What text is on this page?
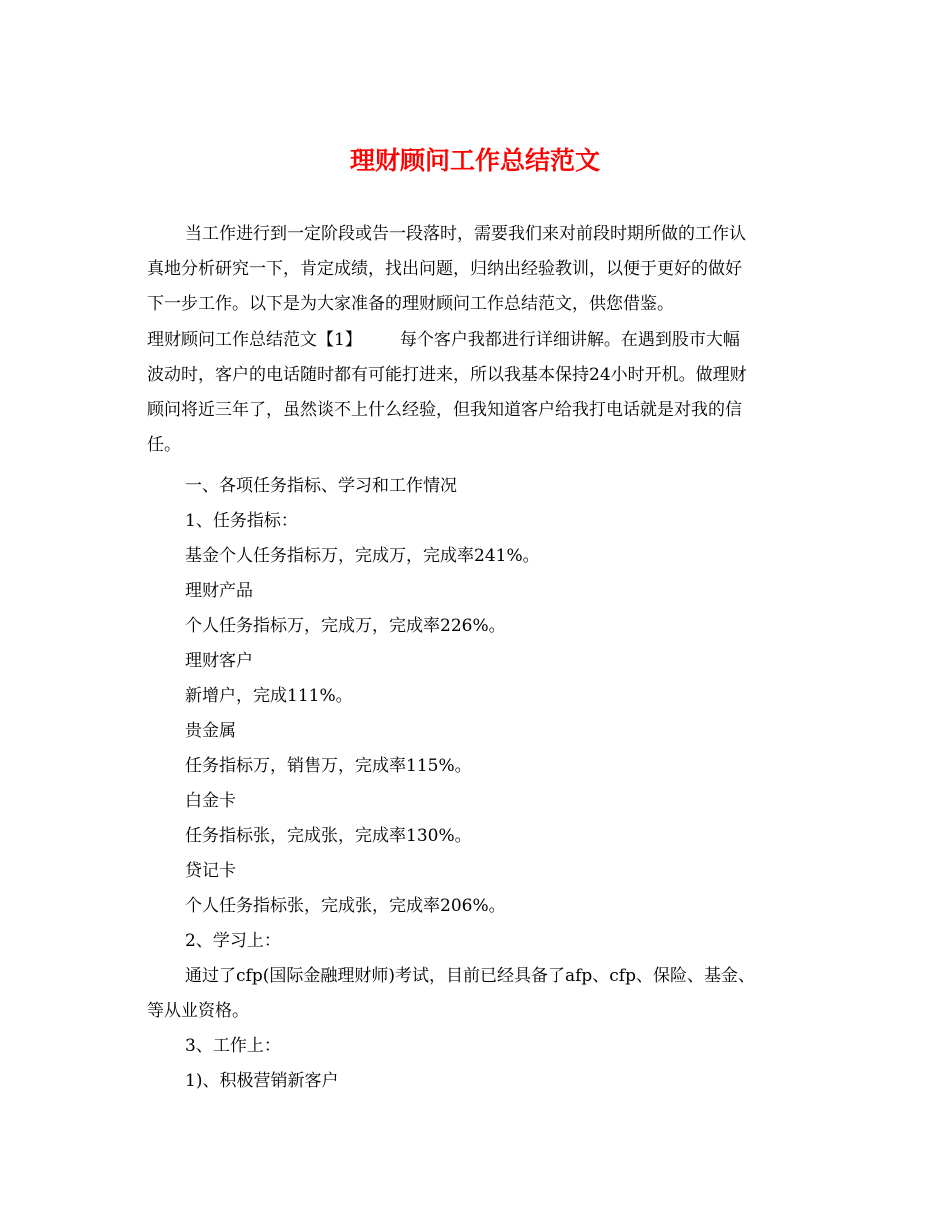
理财顾问工作总结范文
当工作进行到一定阶段或告一段落时，需要我们来对前段时期所做的工作认
真地分析研究一下，肯定成绩，找出问题，归纳出经验教训，以便于更好的做好
下一步工作。以下是为大家准备的理财顾问工作总结范文，供您借鉴。
理财顾问工作总结范文【1】 每个客户我都进行详细讲解。在遇到股市大幅
波动时，客户的电话随时都有可能打进来，所以我基本保持24小时开机。做理财
顾问将近三年了，虽然谈不上什么经验，但我知道客户给我打电话就是对我的信
任。
一、各项任务指标、学习和工作情况
1、任务指标：
基金个人任务指标万，完成万，完成率241%。
理财产品
个人任务指标万，完成万，完成率226%。
理财客户
新增户，完成111%。
贵金属
任务指标万，销售万，完成率115%。
白金卡
任务指标张，完成张，完成率130%。
贷记卡
个人任务指标张，完成张，完成率206%。
2、学习上：
通过了cfp(国际金融理财师)考试，目前已经具备了afp、cfp、保险、基金、
等从业资格。
3、工作上：
1)、积极营销新客户
